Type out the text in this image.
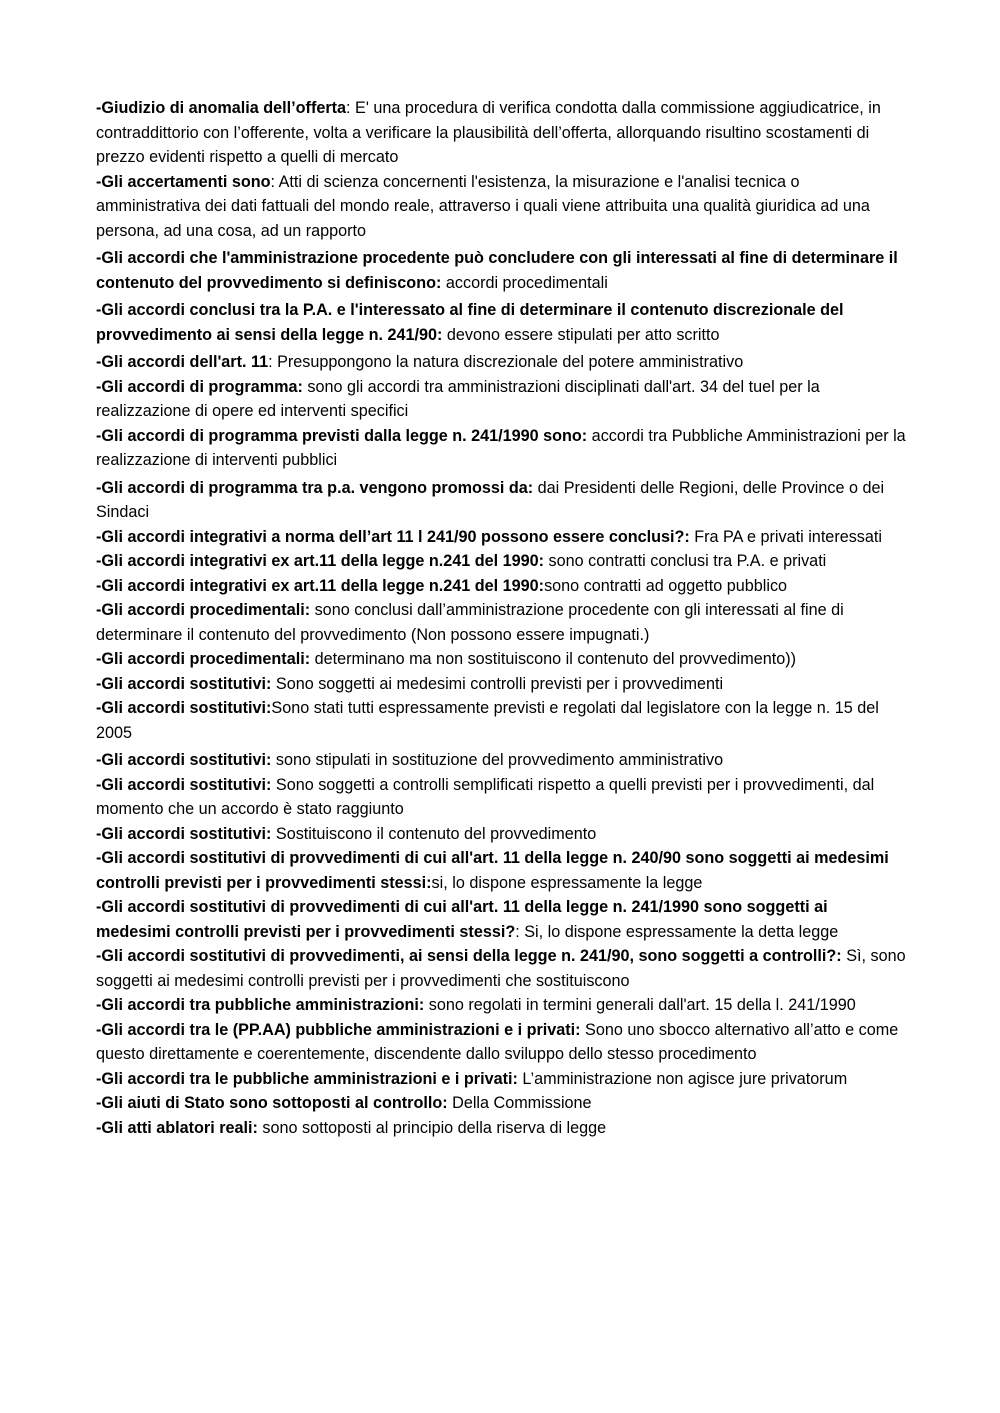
-Giudizio di anomalia dell’offerta: E' una procedura di verifica condotta dalla commissione aggiudicatrice, in contraddittorio con l’offerente, volta a verificare la plausibilità dell’offerta, allorquando risultino scostamenti di prezzo evidenti rispetto a quelli di mercato

-Gli accertamenti sono: Atti di scienza concernenti l'esistenza, la misurazione e l'analisi tecnica o amministrativa dei dati fattuali del mondo reale, attraverso i quali viene attribuita una qualità giuridica ad una persona, ad una cosa, ad un rapporto

-Gli accordi che l'amministrazione procedente può concludere con gli interessati al fine di determinare il contenuto del provvedimento si definiscono: accordi procedimentali

-Gli accordi conclusi tra la P.A. e l'interessato al fine di determinare il contenuto discrezionale del provvedimento ai sensi della legge n. 241/90: devono essere stipulati per atto scritto

-Gli accordi dell'art. 11: Presuppongono la natura discrezionale del potere amministrativo

-Gli accordi di programma: sono gli accordi tra amministrazioni disciplinati dall'art. 34 del tuel per la realizzazione di opere ed interventi specifici

-Gli accordi di programma previsti dalla legge n. 241/1990 sono: accordi tra Pubbliche Amministrazioni per la realizzazione di interventi pubblici

-Gli accordi di programma tra p.a. vengono promossi da: dai Presidenti delle Regioni, delle Province o dei Sindaci

-Gli accordi integrativi a norma dell’art 11 l 241/90 possono essere conclusi?: Fra PA e privati interessati

-Gli accordi integrativi ex art.11 della legge n.241 del 1990: sono contratti conclusi tra P.A. e privati

-Gli accordi integrativi ex art.11 della legge n.241 del 1990:sono contratti ad oggetto pubblico

-Gli accordi procedimentali: sono conclusi dall’amministrazione procedente con gli interessati al fine di determinare il contenuto del provvedimento (Non possono essere impugnati.)

-Gli accordi procedimentali: determinano ma non sostituiscono il contenuto del provvedimento))

-Gli accordi sostitutivi: Sono soggetti ai medesimi controlli previsti per i provvedimenti

-Gli accordi sostitutivi:Sono stati tutti espressamente previsti e regolati dal legislatore con la legge n. 15 del 2005

-Gli accordi sostitutivi: sono stipulati in sostituzione del provvedimento amministrativo

-Gli accordi sostitutivi: Sono soggetti a controlli semplificati rispetto a quelli previsti per i provvedimenti, dal momento che un accordo è stato raggiunto

-Gli accordi sostitutivi: Sostituiscono il contenuto del provvedimento

-Gli accordi sostitutivi di provvedimenti di cui all'art. 11 della legge n. 240/90 sono soggetti ai medesimi controlli previsti per i provvedimenti stessi:si, lo dispone espressamente la legge

-Gli accordi sostitutivi di provvedimenti di cui all'art. 11 della legge n. 241/1990 sono soggetti ai medesimi controlli previsti per i provvedimenti stessi?: Si, lo dispone espressamente la detta legge

-Gli accordi sostitutivi di provvedimenti, ai sensi della legge n. 241/90, sono soggetti a controlli?: Sì, sono soggetti ai medesimi controlli previsti per i provvedimenti che sostituiscono

-Gli accordi tra pubbliche amministrazioni: sono regolati in termini generali dall'art. 15 della l. 241/1990

-Gli accordi tra le (PP.AA) pubbliche amministrazioni e i privati: Sono uno sbocco alternativo all’atto e come questo direttamente e coerentemente, discendente dallo sviluppo dello stesso procedimento

-Gli accordi tra le pubbliche amministrazioni e i privati: L’amministrazione non agisce jure privatorum

-Gli aiuti di Stato sono sottoposti al controllo: Della Commissione

-Gli atti ablatori reali: sono sottoposti al principio della riserva di legge
